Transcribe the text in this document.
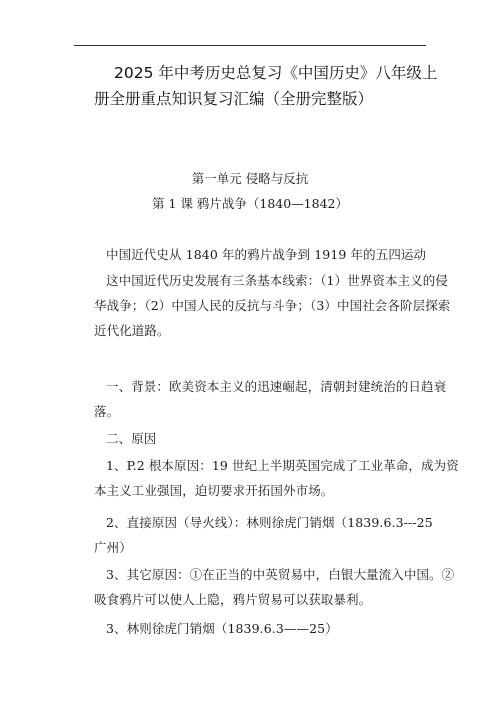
2025 年中考历史总复习《中国历史》八年级上
册全册重点知识复习汇编（全册完整版）
第一单元 侵略与反抗
第 1 课 鸦片战争（1840—1842）
中国近代史从 1840 年的鸦片战争到 1919 年的五四运动
这中国近代历史发展有三条基本线索：（1）世界资本主义的侵
华战争；（2）中国人民的反抗与斗争；（3）中国社会各阶层探索
近代化道路。
一、背景：欧美资本主义的迅速崛起，清朝封建统治的日趋衰
落。
二、原因
1、P.2 根本原因：19 世纪上半期英国完成了工业革命，成为资
本主义工业强国，迫切要求开拓国外市场。
2、直接原因（导火线）：林则徐虎门销烟（1839.6.3---25
广州）
3、其它原因：①在正当的中英贸易中，白银大量流入中国。②
吸食鸦片可以使人上隐，鸦片贸易可以获取暴利。
3、林则徐虎门销烟（1839.6.3——25）
